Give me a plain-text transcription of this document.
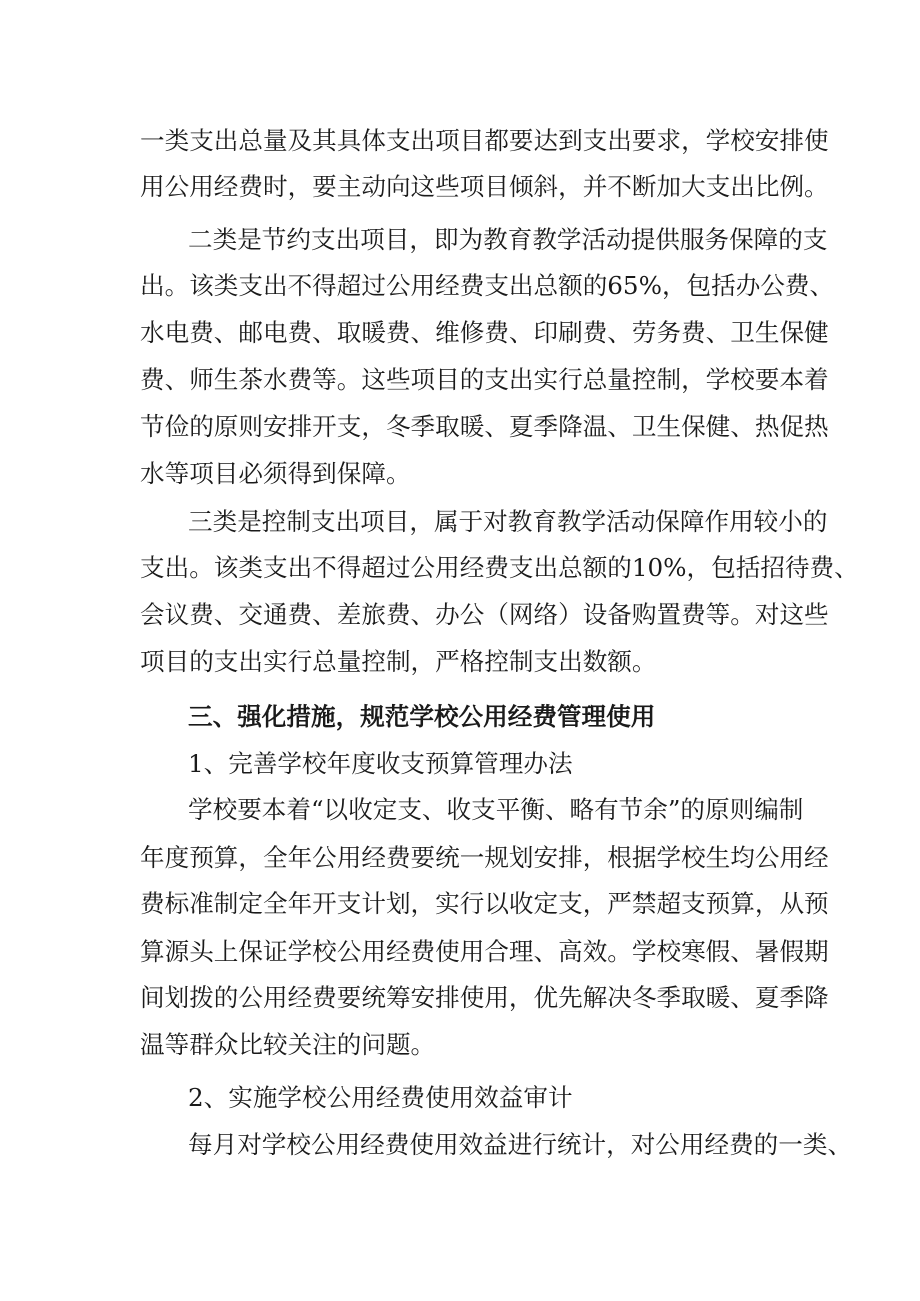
一类支出总量及其具体支出项目都要达到支出要求，学校安排使
用公用经费时，要主动向这些项目倾斜，并不断加大支出比例。
二类是节约支出项目，即为教育教学活动提供服务保障的支
出。该类支出不得超过公用经费支出总额的65%，包括办公费、
水电费、邮电费、取暖费、维修费、印刷费、劳务费、卫生保健
费、师生茶水费等。这些项目的支出实行总量控制，学校要本着
节俭的原则安排开支，冬季取暖、夏季降温、卫生保健、热促热
水等项目必须得到保障。
三类是控制支出项目，属于对教育教学活动保障作用较小的
支出。该类支出不得超过公用经费支出总额的10%，包括招待费、
会议费、交通费、差旅费、办公（网络）设备购置费等。对这些
项目的支出实行总量控制，严格控制支出数额。
三、强化措施，规范学校公用经费管理使用
1、完善学校年度收支预算管理办法
学校要本着“以收定支、收支平衡、略有节余”的原则编制
年度预算，全年公用经费要统一规划安排，根据学校生均公用经
费标准制定全年开支计划，实行以收定支，严禁超支预算，从预
算源头上保证学校公用经费使用合理、高效。学校寒假、暑假期
间划拨的公用经费要统筹安排使用，优先解决冬季取暖、夏季降
温等群众比较关注的问题。
2、实施学校公用经费使用效益审计
每月对学校公用经费使用效益进行统计，对公用经费的一类、
